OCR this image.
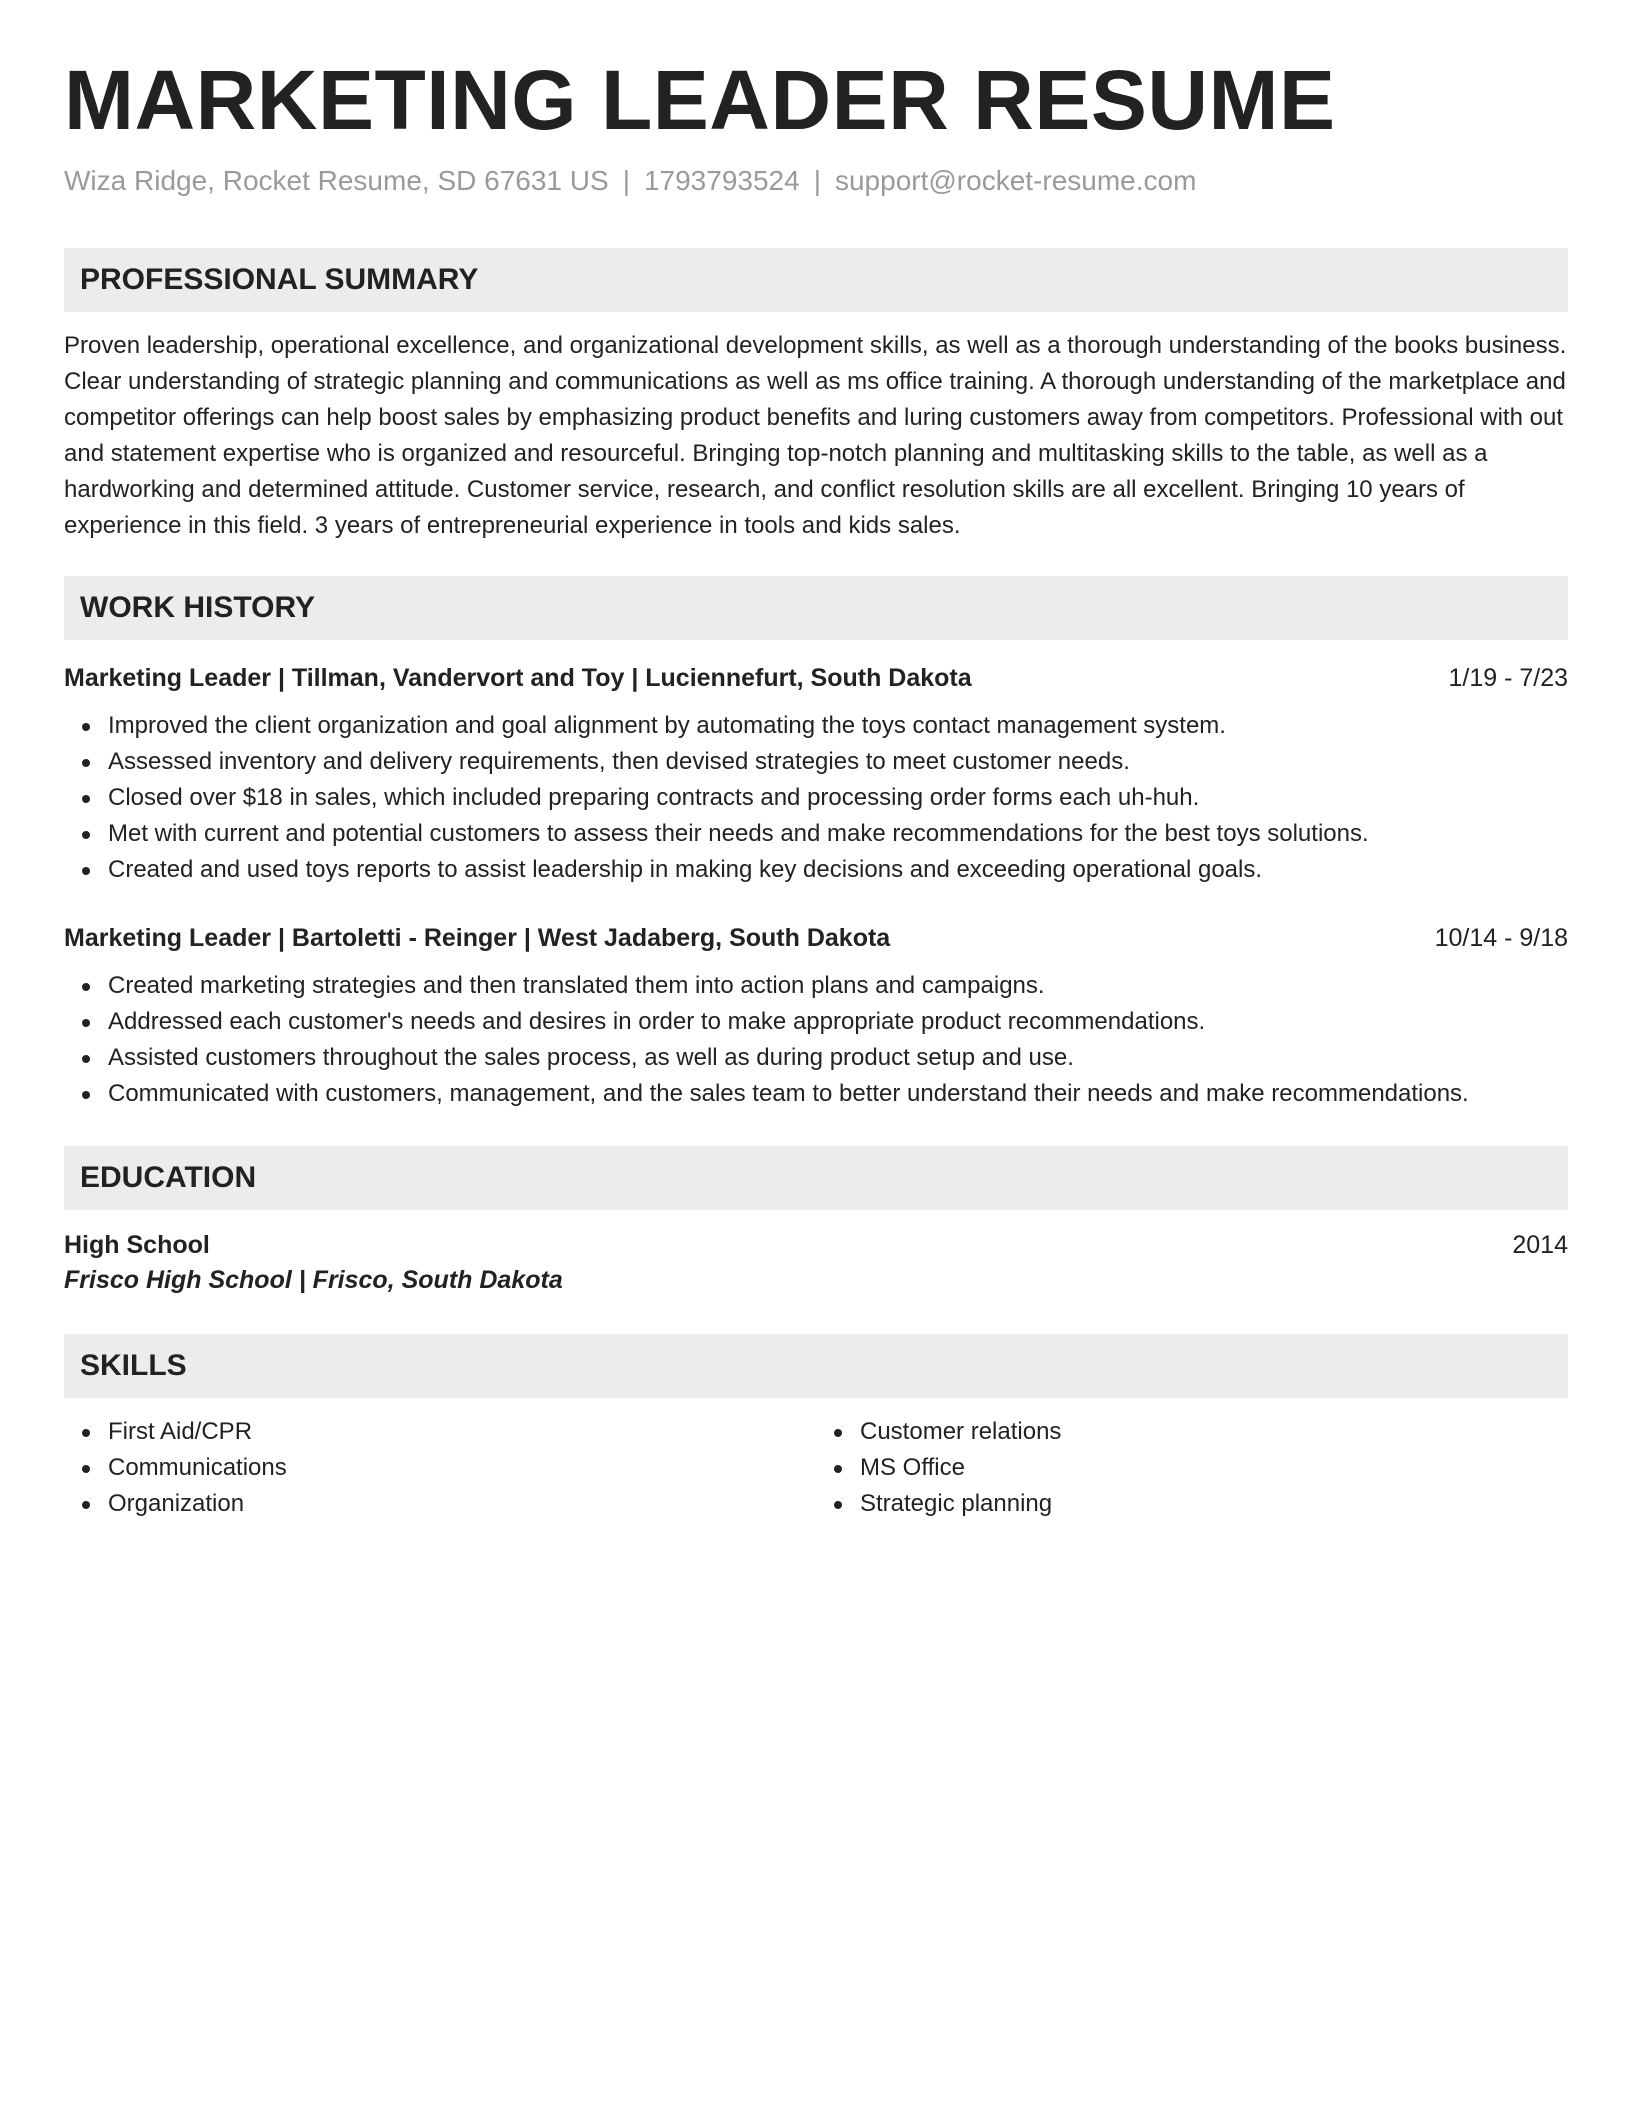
MARKETING LEADER RESUME
Wiza Ridge, Rocket Resume, SD 67631 US | 1793793524 | support@rocket-resume.com
PROFESSIONAL SUMMARY
Proven leadership, operational excellence, and organizational development skills, as well as a thorough understanding of the books business. Clear understanding of strategic planning and communications as well as ms office training. A thorough understanding of the marketplace and competitor offerings can help boost sales by emphasizing product benefits and luring customers away from competitors. Professional with out and statement expertise who is organized and resourceful. Bringing top-notch planning and multitasking skills to the table, as well as a hardworking and determined attitude. Customer service, research, and conflict resolution skills are all excellent. Bringing 10 years of experience in this field. 3 years of entrepreneurial experience in tools and kids sales.
WORK HISTORY
Marketing Leader | Tillman, Vandervort and Toy | Luciennefurt, South Dakota	1/19 - 7/23
Improved the client organization and goal alignment by automating the toys contact management system.
Assessed inventory and delivery requirements, then devised strategies to meet customer needs.
Closed over $18 in sales, which included preparing contracts and processing order forms each uh-huh.
Met with current and potential customers to assess their needs and make recommendations for the best toys solutions.
Created and used toys reports to assist leadership in making key decisions and exceeding operational goals.
Marketing Leader | Bartoletti - Reinger | West Jadaberg, South Dakota	10/14 - 9/18
Created marketing strategies and then translated them into action plans and campaigns.
Addressed each customer's needs and desires in order to make appropriate product recommendations.
Assisted customers throughout the sales process, as well as during product setup and use.
Communicated with customers, management, and the sales team to better understand their needs and make recommendations.
EDUCATION
High School	2014
Frisco High School | Frisco, South Dakota
SKILLS
First Aid/CPR
Communications
Organization
Customer relations
MS Office
Strategic planning
